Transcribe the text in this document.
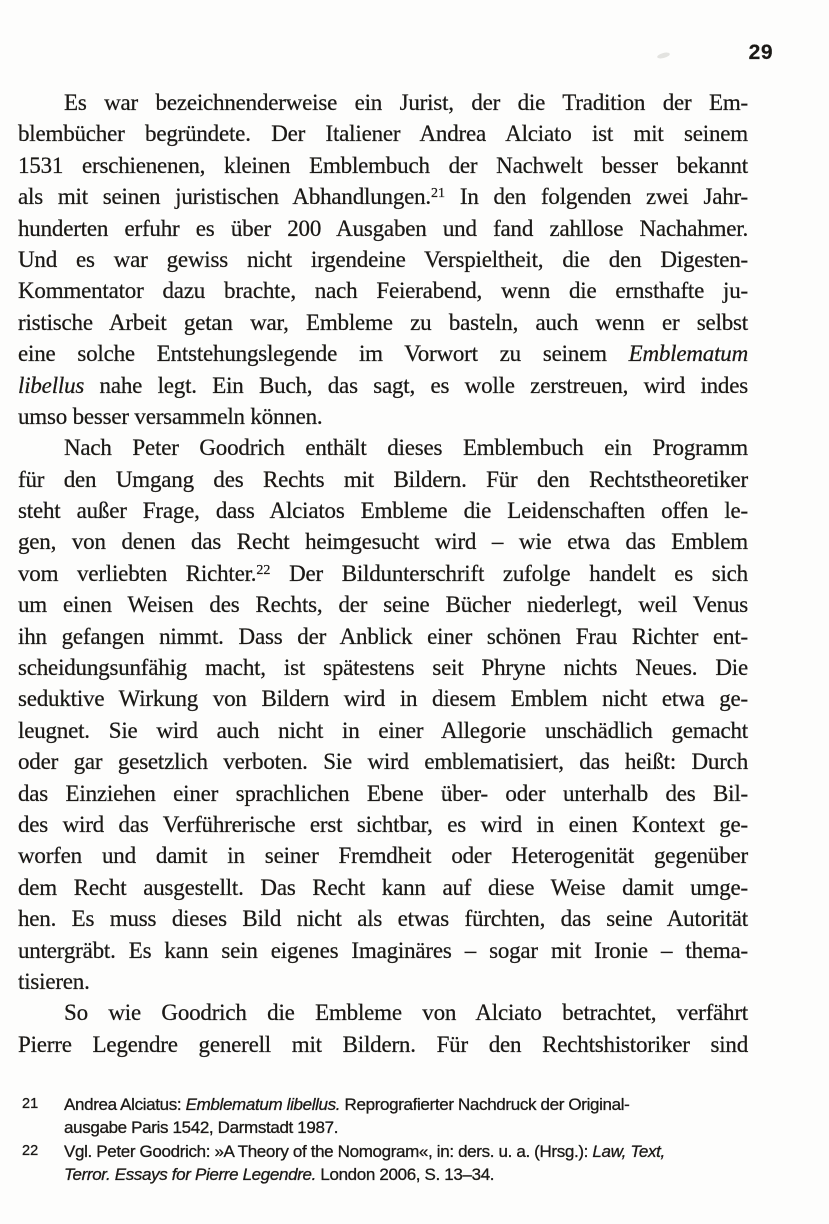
29
Es war bezeichnenderweise ein Jurist, der die Tradition der Em-
blembücher begründete. Der Italiener Andrea Alciato ist mit seinem
1531 erschienenen, kleinen Emblembuch der Nachwelt besser bekannt
als mit seinen juristischen Abhandlungen.$^{21}$ In den folgenden zwei Jahr-
hunderten erfuhr es über 200 Ausgaben und fand zahllose Nachahmer.
Und es war gewiss nicht irgendeine Verspieltheit, die den Digesten-
Kommentator dazu brachte, nach Feierabend, wenn die ernsthafte ju-
ristische Arbeit getan war, Embleme zu basteln, auch wenn er selbst
eine solche Entstehungslegende im Vorwort zu seinem Emblematum
libellus nahe legt. Ein Buch, das sagt, es wolle zerstreuen, wird indes
umso besser versammeln können.
Nach Peter Goodrich enthält dieses Emblembuch ein Programm
für den Umgang des Rechts mit Bildern. Für den Rechtstheoretiker
steht außer Frage, dass Alciatos Embleme die Leidenschaften offen le-
gen, von denen das Recht heimgesucht wird – wie etwa das Emblem
vom verliebten Richter.$^{22}$ Der Bildunterschrift zufolge handelt es sich
um einen Weisen des Rechts, der seine Bücher niederlegt, weil Venus
ihn gefangen nimmt. Dass der Anblick einer schönen Frau Richter ent-
scheidungsunfähig macht, ist spätestens seit Phryne nichts Neues. Die
seduktive Wirkung von Bildern wird in diesem Emblem nicht etwa ge-
leugnet. Sie wird auch nicht in einer Allegorie unschädlich gemacht
oder gar gesetzlich verboten. Sie wird emblematisiert, das heißt: Durch
das Einziehen einer sprachlichen Ebene über- oder unterhalb des Bil-
des wird das Verführerische erst sichtbar, es wird in einen Kontext ge-
worfen und damit in seiner Fremdheit oder Heterogenität gegenüber
dem Recht ausgestellt. Das Recht kann auf diese Weise damit umge-
hen. Es muss dieses Bild nicht als etwas fürchten, das seine Autorität
untergräbt. Es kann sein eigenes Imaginäres – sogar mit Ironie – thema-
tisieren.
So wie Goodrich die Embleme von Alciato betrachtet, verfährt
Pierre Legendre generell mit Bildern. Für den Rechtshistoriker sind
21	Andrea Alciatus: Emblematum libellus. Reprografierter Nachdruck der Original-
ausgabe Paris 1542, Darmstadt 1987.
22	Vgl. Peter Goodrich: »A Theory of the Nomogram«, in: ders. u. a. (Hrsg.): Law, Text,
Terror. Essays for Pierre Legendre. London 2006, S. 13–34.
